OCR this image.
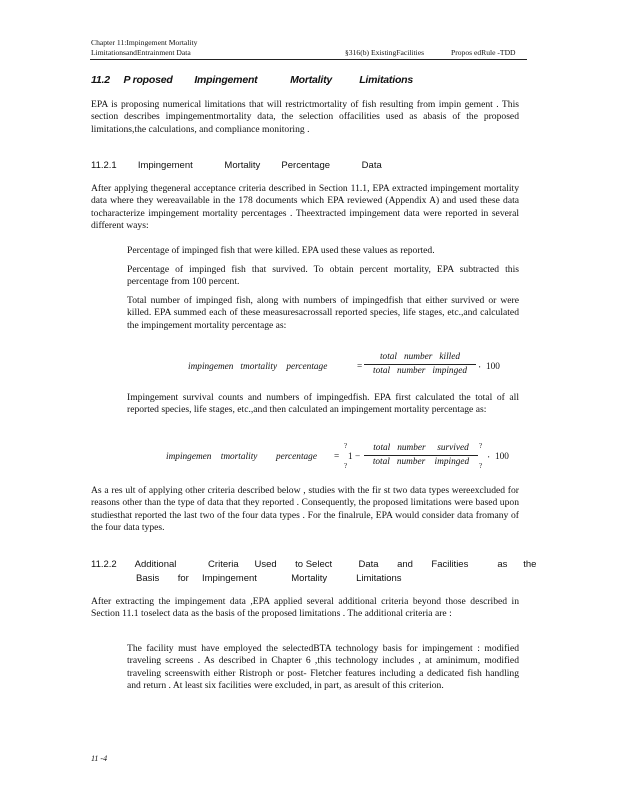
Chapter 11:Impingement Mortality
LimitationsandEntrainment Data	§316(b) ExistingFacilities	Propos edRule -TDD
11.2     P roposed        Impingement            Mortality          Limitations

EPA is proposing numerical limitations that will restrictmortality of fish resulting from impin gement . This section describes impingementmortality data, the selection offacilities used as abasis of the proposed limitations,the calculations, and compliance monitoring .

11.2.1        Impingement            Mortality        Percentage            Data

After applying thegeneral acceptance criteria described in Section 11.1, EPA extracted impingement mortality data where they wereavailable in the 178 documents which EPA reviewed (Appendix A) and used these data tocharacterize impingement mortality percentages . Theextracted impingement data were reported in several different ways:

Percentage of impinged fish that were killed. EPA used these values as reported.
Percentage of impinged fish that survived. To obtain percent mortality, EPA subtracted this percentage from 100 percent.
Total number of impinged fish, along with numbers of impingedfish that either survived or were killed. EPA summed each of these measuresacrossall reported species, life stages, etc.,and calculated the impingement mortality percentage as:
impingemen   tmortality    percentage	=
total   number   killed
total   number   impinged	⋅ 100
Impingement survival counts and numbers of impingedfish. EPA first calculated the total of all reported species, life stages, etc.,and then calculated an impingement mortality percentage as:
impingemen    tmortality        percentage =
?
?
1 −
total   number     survived
total   number    impinged
?
?
⋅ 100

As a res ult of applying other criteria described below , studies with the fir st two data types wereexcluded for reasons other than the type of data that they reported . Consequently, the proposed limitations were based upon studiesthat reported the last two of the four data types . For the finalrule, EPA would consider data fromany of the four data types.

11.2.2       Additional            Criteria      Used       to Select          Data       and       Facilities           as      the
Basis       for     Impingement             Mortality           Limitations

After extracting the impingement data ,EPA applied several additional criteria beyond those described in Section 11.1 toselect data as the basis of the proposed limitations . The additional criteria are :

The facility must have employed the selectedBTA technology basis for impingement : modified traveling screens . As described in Chapter 6 ,this technology includes , at aminimum, modified traveling screenswith either Ristroph or post- Fletcher features including a dedicated fish handling and return . At least six facilities were excluded, in part, as aresult of this criterion.
11 -4
